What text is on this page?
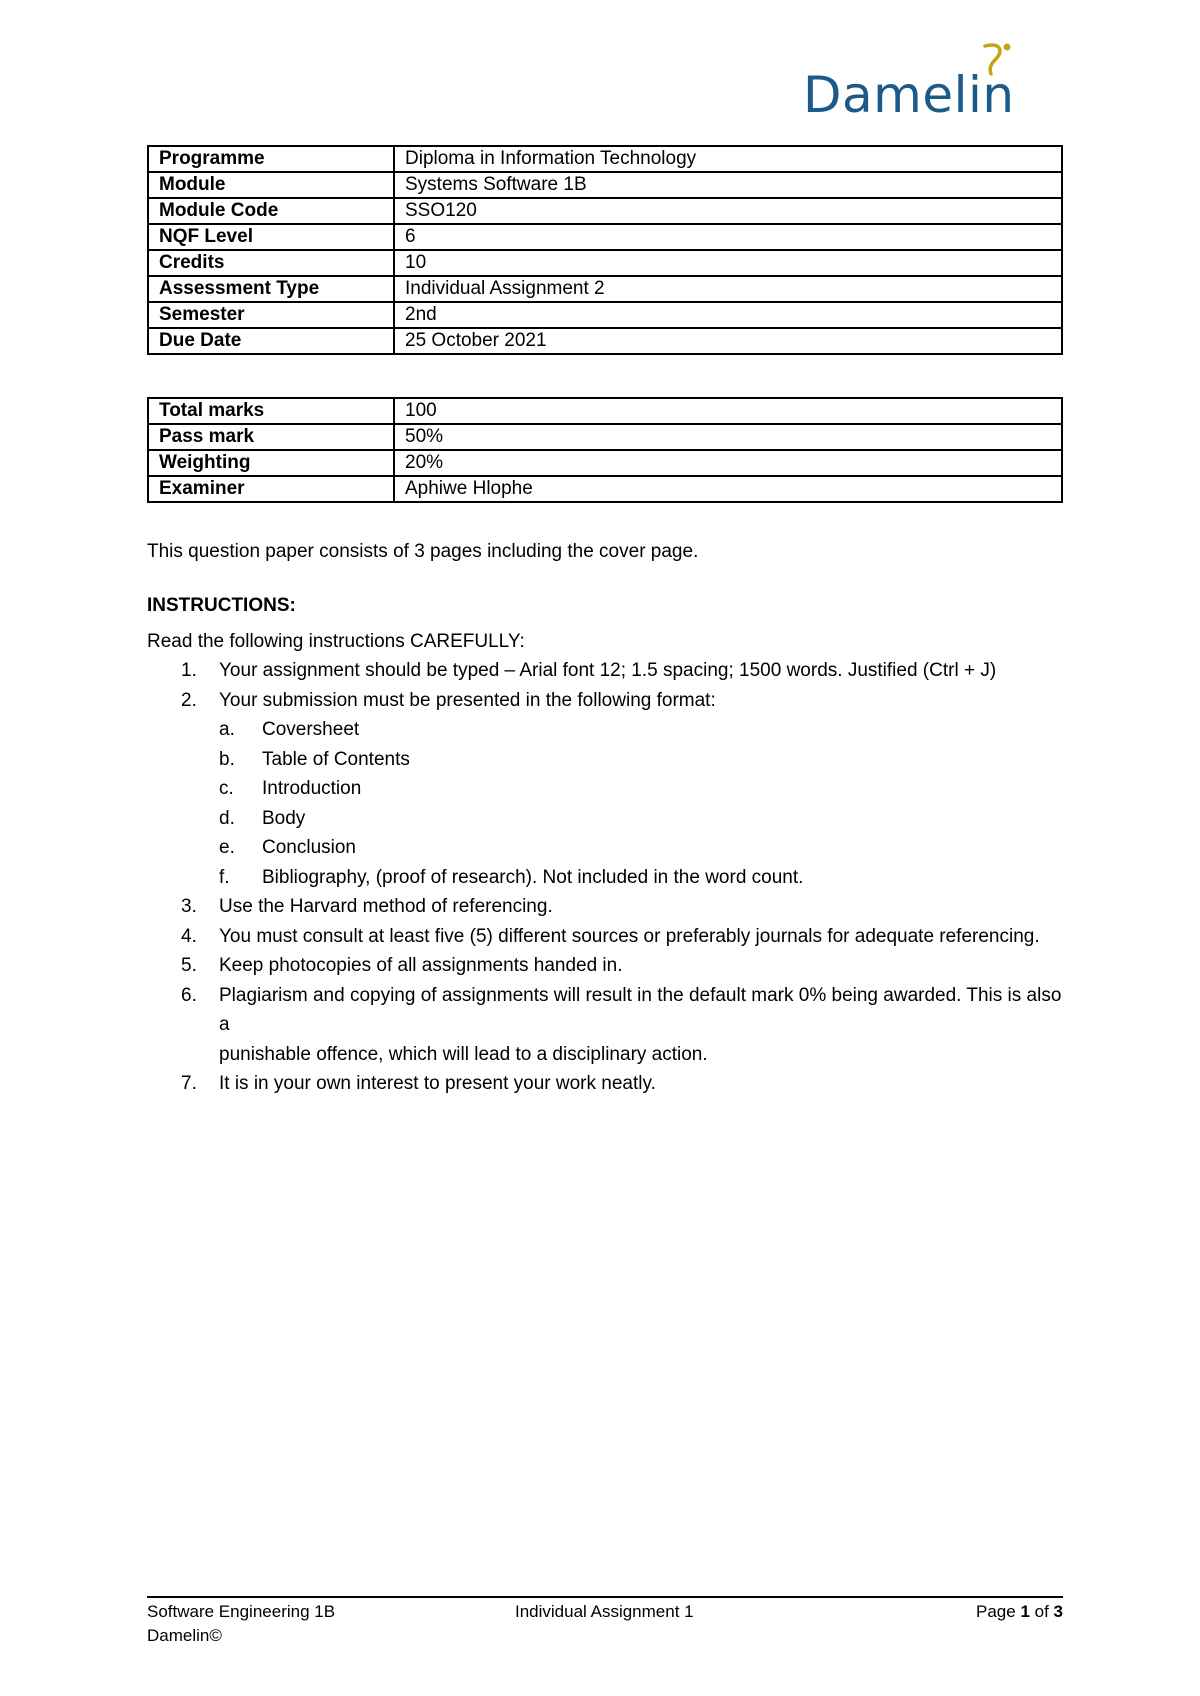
Damelin
Programme	Diploma in Information Technology
Module	Systems Software 1B
Module Code	SSO120
NQF Level	6
Credits	10
Assessment Type	Individual Assignment 2
Semester	2nd
Due Date	25 October 2021
Total marks	100
Pass mark	50%
Weighting	20%
Examiner	Aphiwe Hlophe
This question paper consists of 3 pages including the cover page.
INSTRUCTIONS:
Read the following instructions CAREFULLY:
1. Your assignment should be typed – Arial font 12; 1.5 spacing; 1500 words. Justified (Ctrl + J)
2. Your submission must be presented in the following format:
a. Coversheet
b. Table of Contents
c. Introduction
d. Body
e. Conclusion
f. Bibliography, (proof of research). Not included in the word count.
3. Use the Harvard method of referencing.
4. You must consult at least five (5) different sources or preferably journals for adequate referencing.
5. Keep photocopies of all assignments handed in.
6. Plagiarism and copying of assignments will result in the default mark 0% being awarded. This is also a
punishable offence, which will lead to a disciplinary action.
7. It is in your own interest to present your work neatly.
Software Engineering 1B
Damelin©
Individual Assignment 1	Page 1 of 3
